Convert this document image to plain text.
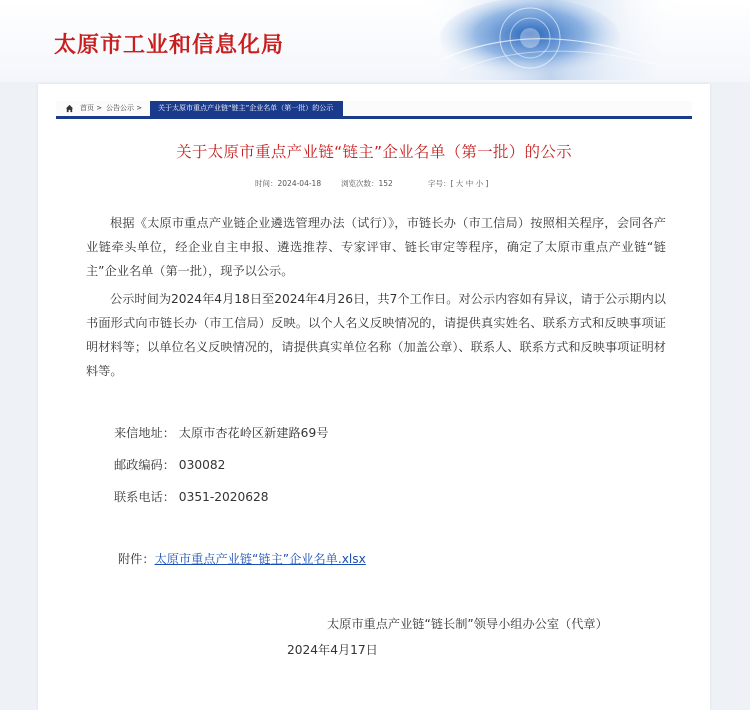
太原市工业和信息化局
首页 > 公告公示 >	关于太原市重点产业链“链主”企业名单（第一批）的公示
关于太原市重点产业链“链主”企业名单（第一批）的公示
时间：2024-04-18	浏览次数：152	字号：[ 大 中 小 ]

根据《太原市重点产业链企业遴选管理办法（试行）》，市链长办（市工信局）按照相关程序，会同各产业链牵头单位，经企业自主申报、遴选推荐、专家评审、链长审定等程序，确定了太原市重点产业链“链主”企业名单（第一批），现予以公示。

公示时间为2024年4月18日至2024年4月26日，共7个工作日。对公示内容如有异议，请于公示期内以书面形式向市链长办（市工信局）反映。以个人名义反映情况的，请提供真实姓名、联系方式和反映事项证明材料等；以单位名义反映情况的，请提供真实单位名称（加盖公章）、联系人、联系方式和反映事项证明材料等。

来信地址： 太原市杏花岭区新建路69号
邮政编码： 030082
联系电话： 0351-2020628
附件：太原市重点产业链“链主”企业名单.xlsx
太原市重点产业链“链长制”领导小组办公室（代章）
2024年4月17日
